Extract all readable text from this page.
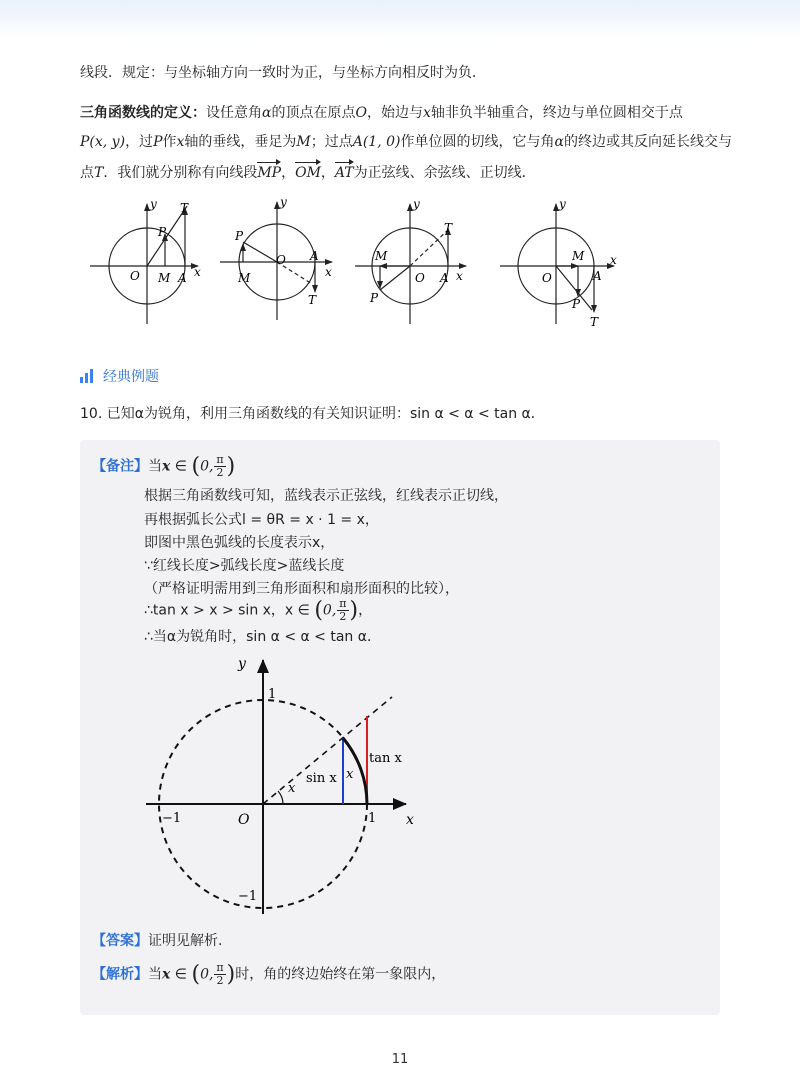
线段．规定：与坐标轴方向一致时为正，与坐标方向相反时为负．
三角函数线的定义：设任意角α的顶点在原点O，始边与x轴非负半轴重合，终边与单位圆相交于点
P(x, y)，过P作x轴的垂线，垂足为M；过点A(1, 0)作单位圆的切线，它与角α的终边或其反向延长线交与
点T．我们就分别称有向线段MP，OM，AT为正弦线、余弦线、正切线．
y
x
O M A
P
T	y
x
O
M
A
P
T
y
x
O
M
A
P
T
y
x
O
M
A
P
T
经典例题
10. 已知α为锐角，利用三角函数线的有关知识证明：sin α < α < tan α．
【备注】当x ∈ (0, $\frac{\pi}{2}$ )
根据三角函数线可知，蓝线表示正弦线，红线表示正切线，
再根据弧长公式l = θR = x · 1 = x，
即图中黑色弧线的长度表示x，
∵红线长度>弧线长度>蓝线长度
（严格证明需用到三角形面积和扇形面积的比较），
∴tan x > x > sin x，x ∈ (0, $\frac{\pi}{2}$ )，
∴当α为锐角时，sin α < α < tan α．
y
x
O
1
1
−1
−1
sin x
tan x
x
x
【答案】证明见解析.
【解析】当x ∈ (0, $\frac{\pi}{2}$ )时，角的终边始终在第一象限内，
11
